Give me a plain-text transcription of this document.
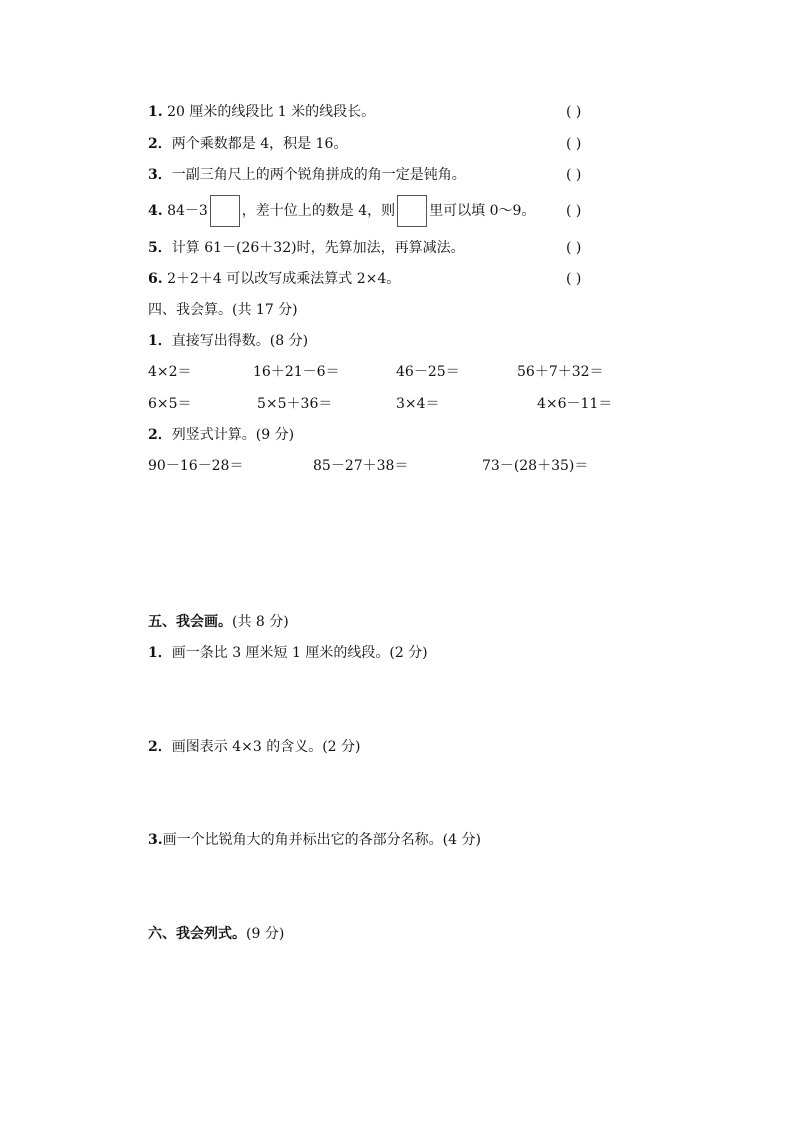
1. 20 厘米的线段比 1 米的线段长。	( )
2．两个乘数都是 4，积是 16。	( )
3．一副三角尺上的两个锐角拼成的角一定是钝角。	( )
4. 84－3 ，差十位上的数是 4，则 里可以填 0～9。 ( )
5．计算 61－(26＋32)时，先算加法，再算减法。	( )
6. 2＋2＋4 可以改写成乘法算式 2×4。	( )
四、我会算。(共 17 分)
1．直接写出得数。(8 分)
4×2＝	16＋21－6＝	46－25＝	56＋7＋32＝
6×5＝	5×5＋36＝	3×4＝	4×6－11＝
2．列竖式计算。(9 分)
90－16－28＝	85－27＋38＝	73－(28＋35)＝
五、我会画。(共 8 分)
1．画一条比 3 厘米短 1 厘米的线段。(2 分)
2．画图表示 4×3 的含义。(2 分)
3.画一个比锐角大的角并标出它的各部分名称。(4 分)
六、我会列式。(9 分)
